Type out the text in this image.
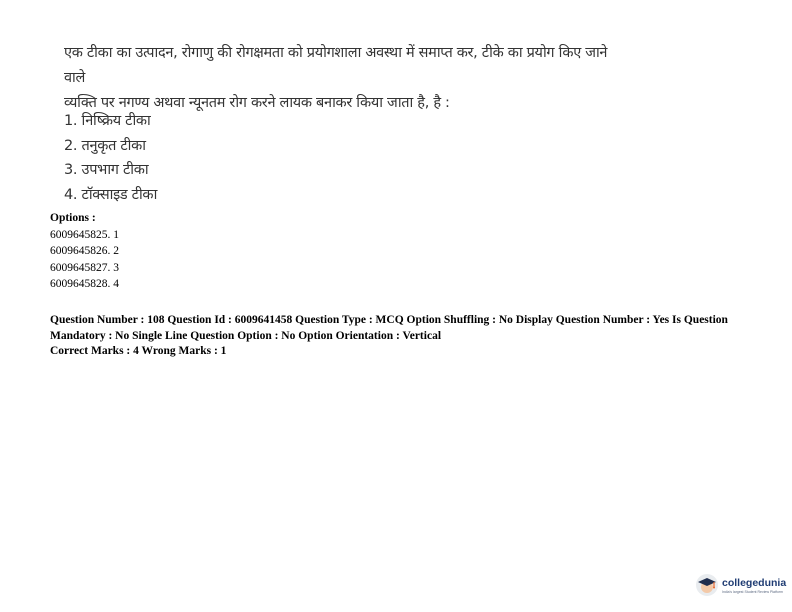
एक टीका का उत्पादन, रोगाणु की रोगक्षमता को प्रयोगशाला अवस्था में समाप्त कर, टीके का प्रयोग किए जाने वाले
व्यक्ति पर नगण्य अथवा न्यूनतम रोग करने लायक बनाकर किया जाता है, है :
1. निष्क्रिय टीका
2. तनुकृत टीका
3. उपभाग टीका
4. टॉक्साइड टीका
Options :
6009645825. 1
6009645826. 2
6009645827. 3
6009645828. 4
Question Number : 108 Question Id : 6009641458 Question Type : MCQ Option Shuffling : No Display Question Number : Yes Is Question Mandatory : No Single Line Question Option : No Option Orientation : Vertical
Correct Marks : 4 Wrong Marks : 1
collegedunia
India's largest Student Review Platform
